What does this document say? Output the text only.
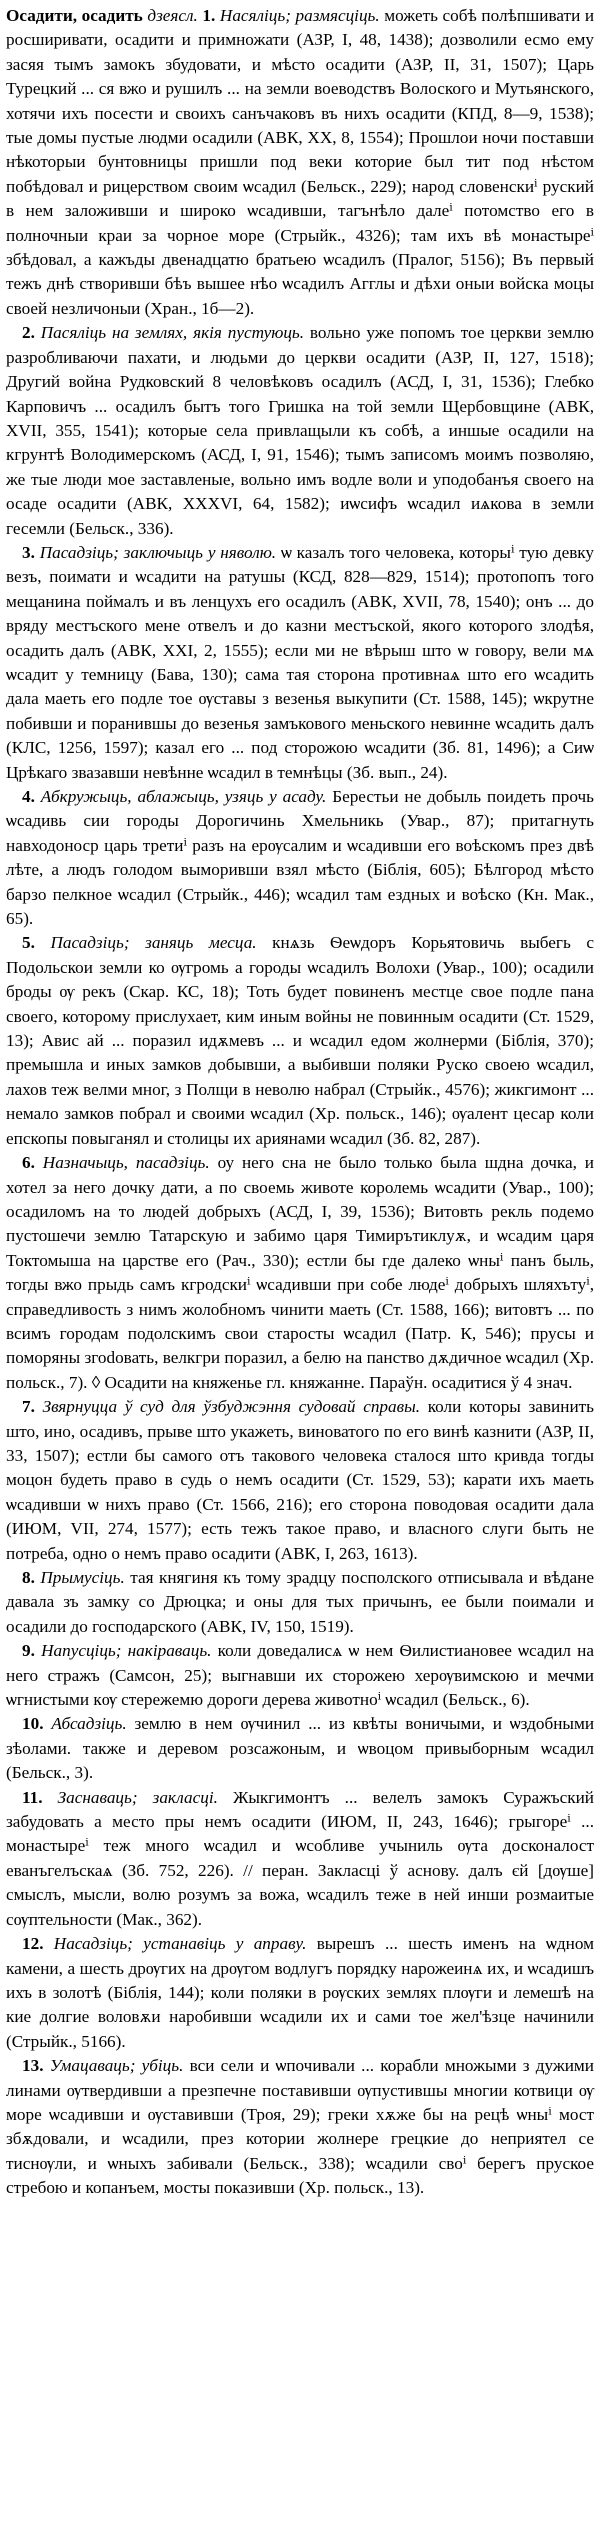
Осадити, осадить дзеясл. 1. Насяліць; размясціць. можеть собѣ полѣпшивати и росширивати, осадити и примножати (АЗР, I, 48, 1438); дозволили есмо ему засяя тымъ замокъ збудовати, и мѣсто осадити (АЗР, II, 31, 1507); Царь Турецкий ... ся вжо и рушилъ ... на земли воеводствъ Волоского и Мутьянского, хотячи ихъ посести и своихъ санъчаковъ въ нихъ осадити (КПД, 8—9, 1538); тые домы пустые людми осадили (АВК, XX, 8, 1554); Прошлои ночи поставши нѣкоторыи бунтовницы пришли под веки которие был тит под нѣстом побѣдовал и рицерством своим ѡсадил (Бельск., 229); народ словенскиⁱ руский в нем заложивши и широко ѡсадивши, тагънѣло далеⁱ потомство его в полночныи краи за чорное море (Стрыйк., 4326); там ихъ вѣ монастыреⁱ збѣдовал, а кажъды двенадцатю братьею ѡсадилъ (Пралог, 5156); Въ первый тежъ днѣ створивши бѣъ вышее нѣо ѡсадилъ Агглы и дѣхи оныи войска моцы своей незличоныи (Хран., 1б—2).

2. Пасяліць на землях, якія пустуюць. вольно уже попомъ тое церкви землю разробливаючи пахати, и людьми до церкви осадити (АЗР, II, 127, 1518); Другий война Рудковский 8 человѣковъ осадилъ (АСД, I, 31, 1536); Глебко Карповичъ ... осадилъ бытъ того Гришка на той земли Щербовщине (АВК, XVII, 355, 1541); которые села привлащыли къ собѣ, а иншые осадили на кгрунтѣ Володимерскомъ (АСД, I, 91, 1546); тымъ записомъ моимъ позволяю, же тые люди мое заставленые, вольно имъ водле воли и уподобанъя своего на осаде осадити (АВК, XXXVI, 64, 1582); иѡсифъ ѡсадил иѧкова в земли гесемли (Бельск., 336).

3. Пасадзіць; заключыць у няволю. ѡ казалъ того человека, которыⁱ тую девку везъ, поимати и ѡсадити на ратушы (КСД, 828—829, 1514); протопопъ того мещанина поймалъ и въ ленцухъ его осадилъ (АВК, XVII, 78, 1540); онъ ... до вряду местъского мене отвелъ и до казни местъской, якого которого злодѣя, осадить далъ (АВК, XXI, 2, 1555); если ми не вѣрыш што ѡ говору, вели мѧ ѡсадит у темницу (Бава, 130); сама тая сторона противнаѧ што его ѡсадить дала маеть его подле тое ѹставы з везенья выкупити (Ст. 1588, 145); ѡкрутне побивши и поранившы до везенья замъкового меньского невинне ѡсадить далъ (КЛС, 1256, 1597); казал его ... под сторожою ѡсадити (Зб. 81, 1496); а Сиѡ Црѣкаго звазавши невѣнне ѡсадил в темнѣцы (Зб. вып., 24).

4. Абкружыць, аблажыць, узяць у асаду. Берестьи не добыль поидеть прочь ѡсадивь сии городы Дорогичинь Хмельникь (Увар., 87); притагнуть навходоноср царь третиⁱ разъ на ерѹсалим и ѡсадивши его воѣскомъ през двѣ лѣте, а людъ голодом выморивши взял мѣсто (Біблія, 605); Бѣлгород мѣсто барзо пелкное ѡсадил (Стрыйк., 446); ѡсадил там ездных и воѣско (Кн. Мак., 65).

5. Пасадзіць; заняць месца. кнѧзь Ѳеѡдоръ Корьятовичь выбегь с Подольскои земли ко ѹгромь а городы ѡсадилъ Волохи (Увар., 100); осадили броды ѹ рекъ (Скар. КС, 18); Тоть будет повиненъ местце свое подле пана своего, которому прислухает, ким иным войны не повинным осадити (Ст. 1529, 13); Авис ай ... поразил идѫмевъ ... и ѡсадил едом жолнерми (Біблія, 370); премышла и иных замков добывши, а выбивши поляки Руско своею ѡсадил, лахов теж велми мног, з Полщи в неволю набрал (Стрыйк., 4576); жикгимонт ... немало замков побрал и своими ѡсадил (Хр. польск., 146); ѹалент цесар коли епскопы повыганял и столицы их ариянами ѡсадил (Зб. 82, 287).

6. Назначыць, пасадзіць. оу него сна не было только была шдна дочка, и хотел за него дочку дати, а по своемь животе королемь ѡсадити (Увар., 100); осадиломъ на то людей добрыхъ (АСД, I, 39, 1536); Витовть рекль подемо пустошечи землю Татарскую и забимо царя Тимирътиклуѫ, и ѡсадим царя Токтомыша на царстве его (Рач., 330); естли бы где далеко ѡныⁱ панъ быль, тогды вжо прыдь самъ кгродскиⁱ ѡсадивши при собе людеⁱ добрыхъ шляхътуⁱ, справедливость з нимъ жолобномъ чинити маеть (Ст. 1588, 166); витовтъ ... по всимъ городам подолскимъ свои старосты ѡсадил (Патр. К, 546); прусы и поморяны згоdовать, велкгри поразил, а белю на панство дѫдичное ѡсадил (Хр. польск., 7). ◊ Осадити на княженье гл. княжанне. Параўн. осадитися ў 4 знач.

7. Звярнуцца ў суд для ўзбуджэння судовай справы. коли которы завинить што, ино, осадивъ, прыве што укажеть, виноватого по его винѣ казнити (АЗР, II, 33, 1507); естли бы самого отъ такового человека сталося што кривда тогды моцон будеть право в судь о немъ осадити (Ст. 1529, 53); карати ихъ маеть ѡсадивши ѡ нихъ право (Ст. 1566, 216); его сторона поводовая осадити дала (ИЮМ, VII, 274, 1577); есть тежъ такое право, и власного слуги быть не потреба, одно о немъ право осадити (АВК, I, 263, 1613).

8. Прымусіць. тая княгиня къ тому зрадцу посполского отписывала и вѣдане давала зъ замку со Дрюцка; и оны для тых причынъ, ее были поимали и осадили до господарского (АВК, IV, 150, 1519).

9. Напусціць; накіраваць. коли доведалисѧ ѡ нем Ѳилистиановее ѡсадил на него стражъ (Самсон, 25); выгнавши их сторожею херѹвимскою и мечми ѡгнистыми кѹ стережемю дороги дерева животноⁱ ѡсадил (Бельск., 6).

10. Абсадзіць. землю в нем ѹчинил ... из квѣты воничыми, и ѡздобными зѣолами. также и деревом розсажоным, и ѡвоцом привыборным ѡсадил (Бельск., 3).

11. Заснаваць; закласці. Жыкгимонтъ ... велелъ замокъ Суражъский забудовать а место пры немъ осадити (ИЮМ, II, 243, 1646); грыгореⁱ ... монастыреⁱ теж много ѡсадил и ѡсобливе учыниль ѹта досконалост еванъгелъскаѧ (Зб. 752, 226). // перан. Закласці ў аснову. далъ єй [дѹше] смыслъ, мысли, волю розумъ за вожа, ѡсадилъ теже в ней инши розмаитые сѹптельности (Мак., 362).

12. Насадзіць; устанавіць у аправу. вырешъ ... шесть именъ на ѡдном камени, а шесть дрѹгих на дрѹгом водлугъ порядку нарожеинѧ их, и ѡсадишъ ихъ в золотѣ (Біблія, 144); коли поляки в рѹских землях плѹги и лемешѣ на кие долгие воловѫи наробивши ѡсадили их и сами тое жел'ѣзце начинили (Стрыйк., 5166).

13. Умацаваць; убіць. вси сели и ѡпочивали ... корабли множыми з дужими линами ѹтвердивши а презпечне поставивши ѹпустившы многии котвици ѹ море ѡсадивши и ѹставивши (Троя, 29); греки хѫже бы на рецѣ ѡныⁱ мост збѫдовали, и ѡсадили, през котории жолнере грецкие до неприятел се тиснѹли, и ѡныхъ забивали (Бельск., 338); ѡсадили своⁱ берегъ пруское стребою и копанъем, мосты показивши (Хр. польск., 13).
